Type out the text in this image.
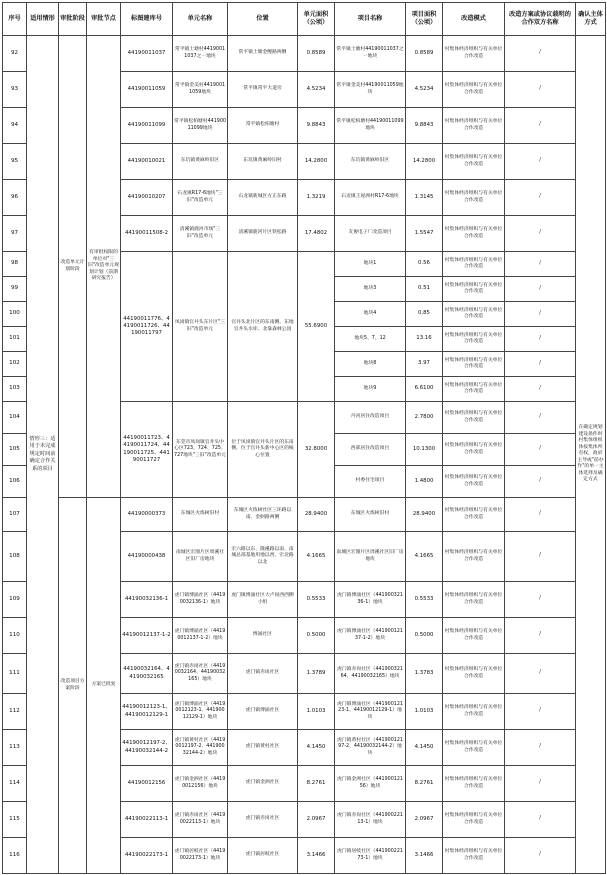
序号	适用情形	审批阶段	审批节点	标图建库号	单元名称	位置	单元面积（公顷）	项目名称	项目面积（公顷）	改造模式	改造方案或协议载明的合作双方名称	确认主体方式
92	情形三：适用于未完成规定时间前确定合作关系的项目	改造单元计划阶段	有审批权限的单位对"三旧"改造单元规划计划（前期研究报告）	44190011037	常平镇土塘村44190011037之一地块	常平镇土塘金鲤路两侧	0.8589	常平镇土塘村44190011037之一地块	0.8589	村集体经济组织与有关单位合作改造	/	在确定规划建设条件时村集体组织体按集体所有权，政府主导或"前办作"的单一主体选择及确定方式
93				44190011059	常平镇金美村44190011059地块	常平镇常平大道旁	4.5234	常平镇金美村44190011059地块	4.5234	村集体经济组织与有关单位合作改造	/	
94				44190011099	常平镇松柏塘村44190011099地块	常平镇松柏塘村	9.8843	常平镇松柏塘村44190011099地块	9.8843	村集体经济组织与有关单位合作改造	/	
95				44190010021	东坑镇黄麻岭旧区	东坑镇黄麻岭旧村	14.2800	东坑镇黄麻岭旧区	14.2800	村集体经济组织与有关单位合作改造	/	
96				44190010207	石龙镇R17-6地块"三旧"改造单元	石龙镇新城区方正东路	1.3219	石龙镇王屋洲村R17-6地块	1.3145	村集体经济组织与有关单位合作改造	/	
97				44190011508-2	清溪镇鹿河市场"三旧"改造单元	清溪镇鹿河片区铁松路	17.4802	友俊电子厂改造项目	1.5547	村集体经济组织与有关单位合作改造	/	
98				44190011776、44190011726、44190011797	凤岗镇官井头东片区"三旧"改造单元	官井头北片区的东南侧、东地官井头水库、北靠森林公园	55.6900	地块1	0.56	村集体经济组织与有关单位合作改造	/	
99								地块3	0.51	村集体经济组织与有关单位合作改造	/	
100								地块4	0.85	村集体经济组织与有关单位合作改造	/	
101								地块5、7、12	13.16	村集体经济组织与有关单位合作改造	/	
102								地块8	3.97	村集体经济组织与有关单位合作改造	/	
103								地块9	6.6100	村集体经济组织与有关单位合作改造	/	
104				44190011723、44190011724、44190011725、44190011727	东莞市凤岗镇官井头中心区723、724、725、727地块"三旧"改造单元	位于凤岗镇官井头片区的东南侧，位于官井头新中心区的核心位置	32.8000	丹河居住改造项目	2.7800	村集体经济组织与有关单位合作改造	/	
105								西部居住改造项目	10.1300	村集体经济组织与有关单位合作改造	/	
106								村委住宅项目	1.4800	村集体经济组织与有关单位合作改造	/	
107		改造项目方案阶段	方案已批复	44190000373	东城区火炼树旧村	东城区火炼树社区三环路以南、金舸路两侧	28.9400	东城区火炼树旧村	28.9400	村集体经济组织与有关单位合作改造	/	
108				44190000438	南城区宏图片区周溪社区旧厂房地块	宏六路以东、隆溪路以南、南城总部基地用地以西、宏北路以北	4.1665	南城区宏图片区周溪社区旧厂房地块	4.1665	村集体经济组织与有关单位合作改造	/	
109				44190032136-1	虎门镇博涌社区（44190032136-1）地块	虎门镇博涌社区大卢岗西西侧小组	0.5533	虎门镇博涌社区（44190032136-1）地块	0.5533	村集体经济组织与有关单位合作改造	/	
110				44190012137-1-2	虎门镇博涌社区（44190012137-1-2）地块	博涌社区	0.5000	虎门镇博涌社区（44190012137-1-2）地块	0.5000	村集体经济组织与有关单位合作改造	/	
111				44190032164、44190032165	虎门镇赤岗社区（44190032164、44190032165）地块	虎门镇赤岗社区	1.3789	虎门镇赤岗社区（44190032164、44190032165）地块	1.3783	村集体经济组织与有关单位合作改造	/	
112				44190012123-1、44190012129-1	虎门镇博涌社区（44190012123-1、44190012129-1）地块	虎门镇博涌社区	1.0103	虎门镇博涌社区（44190012123-1、44190012129-1）地块	1.0103	村集体经济组织与有关单位合作改造	/	
113				44190012197-2、44190032144-2	虎门镇黄村社区（44190012197-2、44190032144-2）地块	虎门镇黄村社区	4.1450	虎门镇黄村社区（44190012197-2、44190032144-2）地块	4.1450	村集体经济组织与有关单位合作改造	/	
114				44190012156	虎门镇金洲社区（44190012156）地块	虎门镇金洲社区	8.2761	虎门镇金洲社区（44190012156）地块	8.2761	村集体经济组织与有关单位合作改造	/	
115				44190022113-1	虎门镇赤岗社区（44190022113-1）地块	虎门镇赤岗社区	2.0967	虎门镇赤岗社区（44190022113-1）地块	2.0967	村集体经济组织与有关单位合作改造	/	
116				44190022173-1	虎门镇居岐社区（44190022173-1）地块	虎门镇居岐社区	3.1466	虎门镇居岐社区（44190022173-1）地块	3.1466	村集体经济组织与有关单位合作改造	/	
